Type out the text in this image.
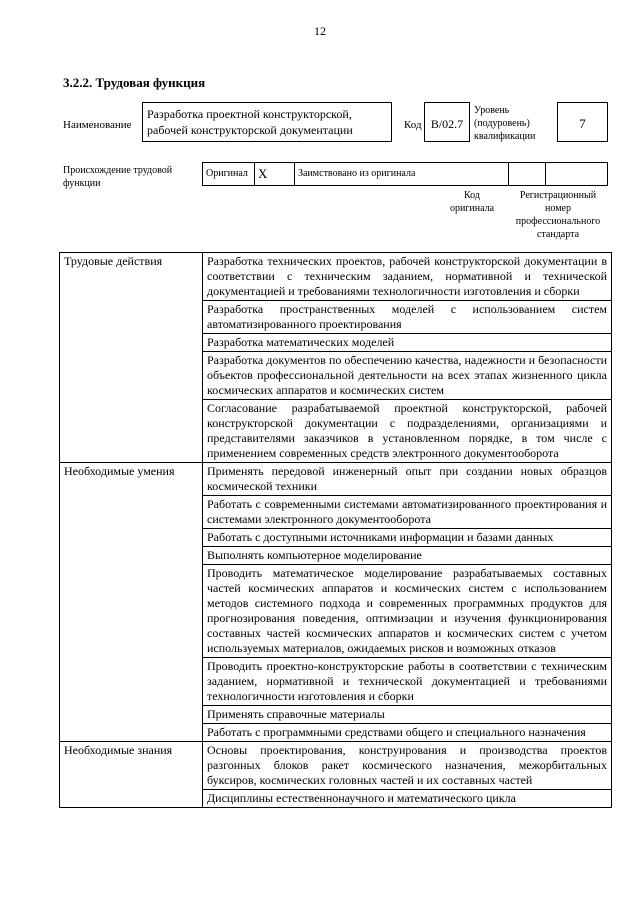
12
3.2.2. Трудовая функция
Наименование
Разработка проектной конструкторской, рабочей конструкторской документации	Код В/02.7
Уровень (подуровень) квалификации
7
Происхождение трудовой функции
Оригинал X	Заимствовано из оригинала
Код оригинала
Регистрационный номер профессионального стандарта
Трудовые действия	Разработка технических проектов, рабочей конструкторской документации в соответствии с техническим заданием, нормативной и технической документацией и требованиями технологичности изготовления и сборки
	Разработка пространственных моделей с использованием систем автоматизированного проектирования
	Разработка математических моделей
	Разработка документов по обеспечению качества, надежности и безопасности объектов профессиональной деятельности на всех этапах жизненного цикла космических аппаратов и космических систем
	Согласование разрабатываемой проектной конструкторской, рабочей конструкторской документации с подразделениями, организациями и представителями заказчиков в установленном порядке, в том числе с применением современных средств электронного документооборота
Необходимые умения	Применять передовой инженерный опыт при создании новых образцов космической техники
	Работать с современными системами автоматизированного проектирования и системами электронного документооборота
	Работать с доступными источниками информации и базами данных
	Выполнять компьютерное моделирование
	Проводить математическое моделирование разрабатываемых составных частей космических аппаратов и космических систем с использованием методов системного подхода и современных программных продуктов для прогнозирования поведения, оптимизации и изучения функционирования составных частей космических аппаратов и космических систем с учетом используемых материалов, ожидаемых рисков и возможных отказов
	Проводить проектно-конструкторские работы в соответствии с техническим заданием, нормативной и технической документацией и требованиями технологичности изготовления и сборки
	Применять справочные материалы
	Работать с программными средствами общего и специального назначения
Необходимые знания	Основы проектирования, конструирования и производства проектов разгонных блоков ракет космического назначения, межорбитальных буксиров, космических головных частей и их составных частей
	Дисциплины естественнонаучного и математического цикла
